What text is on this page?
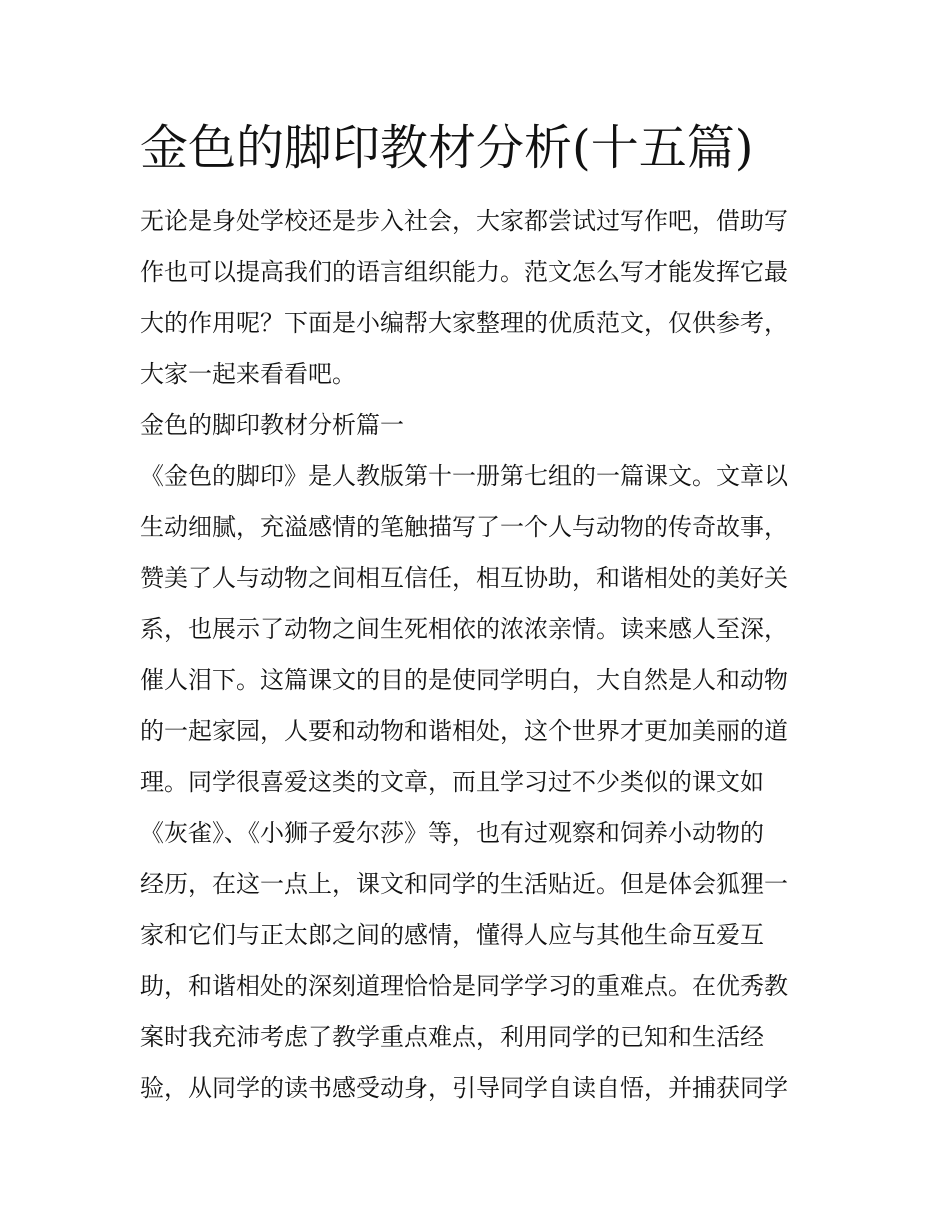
金色的脚印教材分析(十五篇)
无论是身处学校还是步入社会，大家都尝试过写作吧，借助写
作也可以提高我们的语言组织能力。范文怎么写才能发挥它最
大的作用呢？下面是小编帮大家整理的优质范文，仅供参考，
大家一起来看看吧。
金色的脚印教材分析篇一
《金色的脚印》是人教版第十一册第七组的一篇课文。文章以
生动细腻，充溢感情的笔触描写了一个人与动物的传奇故事，
赞美了人与动物之间相互信任，相互协助，和谐相处的美好关
系，也展示了动物之间生死相依的浓浓亲情。读来感人至深，
催人泪下。这篇课文的目的是使同学明白，大自然是人和动物
的一起家园，人要和动物和谐相处，这个世界才更加美丽的道
理。同学很喜爱这类的文章，而且学习过不少类似的课文如
《灰雀》、《小狮子爱尔莎》等，也有过观察和饲养小动物的
经历，在这一点上，课文和同学的生活贴近。但是体会狐狸一
家和它们与正太郎之间的感情，懂得人应与其他生命互爱互
助，和谐相处的深刻道理恰恰是同学学习的重难点。在优秀教
案时我充沛考虑了教学重点难点，利用同学的已知和生活经
验，从同学的读书感受动身，引导同学自读自悟，并捕获同学
